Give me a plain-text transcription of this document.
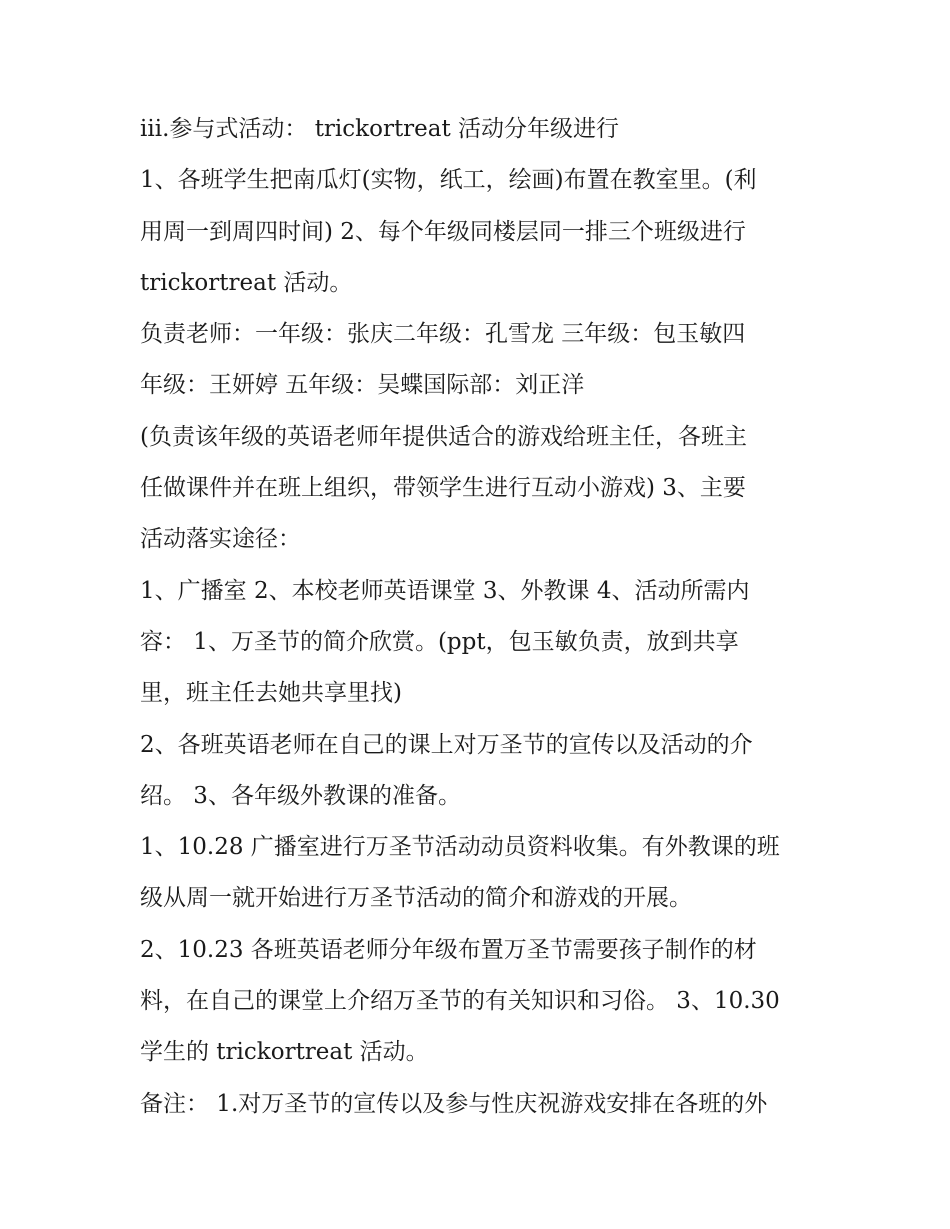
iii.参与式活动： trickortreat 活动分年级进行
1、各班学生把南瓜灯(实物，纸工，绘画)布置在教室里。(利
用周一到周四时间) 2、每个年级同楼层同一排三个班级进行
trickortreat 活动。
负责老师：一年级：张庆二年级：孔雪龙 三年级：包玉敏四
年级：王妍婷 五年级：吴蝶国际部：刘正洋
(负责该年级的英语老师年提供适合的游戏给班主任，各班主
任做课件并在班上组织，带领学生进行互动小游戏) 3、主要
活动落实途径：
1、广播室 2、本校老师英语课堂 3、外教课 4、活动所需内
容： 1、万圣节的简介欣赏。(ppt，包玉敏负责，放到共享
里，班主任去她共享里找)
2、各班英语老师在自己的课上对万圣节的宣传以及活动的介
绍。 3、各年级外教课的准备。
1、10.28 广播室进行万圣节活动动员资料收集。有外教课的班
级从周一就开始进行万圣节活动的简介和游戏的开展。
2、10.23 各班英语老师分年级布置万圣节需要孩子制作的材
料，在自己的课堂上介绍万圣节的有关知识和习俗。 3、10.30
学生的 trickortreat 活动。
备注： 1.对万圣节的宣传以及参与性庆祝游戏安排在各班的外
